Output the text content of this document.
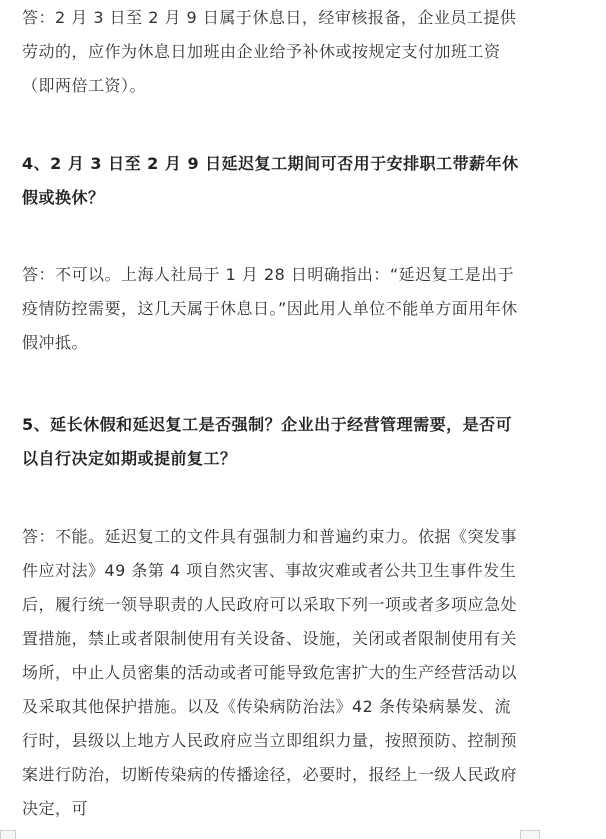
答：2 月 3 日至 2 月 9 日属于休息日，经审核报备，企业员工提供劳动的，应作为休息日加班由企业给予补休或按规定支付加班工资（即两倍工资）。

4、2 月 3 日至 2 月 9 日延迟复工期间可否用于安排职工带薪年休假或换休？

答：不可以。上海人社局于 1 月 28 日明确指出：“延迟复工是出于疫情防控需要，这几天属于休息日。”因此用人单位不能单方面用年休假冲抵。

5、延长休假和延迟复工是否强制？企业出于经营管理需要，是否可以自行决定如期或提前复工？

答：不能。延迟复工的文件具有强制力和普遍约束力。依据《突发事件应对法》49 条第 4 项自然灾害、事故灾难或者公共卫生事件发生后，履行统一领导职责的人民政府可以采取下列一项或者多项应急处置措施，禁止或者限制使用有关设备、设施，关闭或者限制使用有关场所，中止人员密集的活动或者可能导致危害扩大的生产经营活动以及采取其他保护措施。以及《传染病防治法》42 条传染病暴发、流行时，县级以上地方人民政府应当立即组织力量，按照预防、控制预案进行防治，切断传染病的传播途径，必要时，报经上一级人民政府决定，可
